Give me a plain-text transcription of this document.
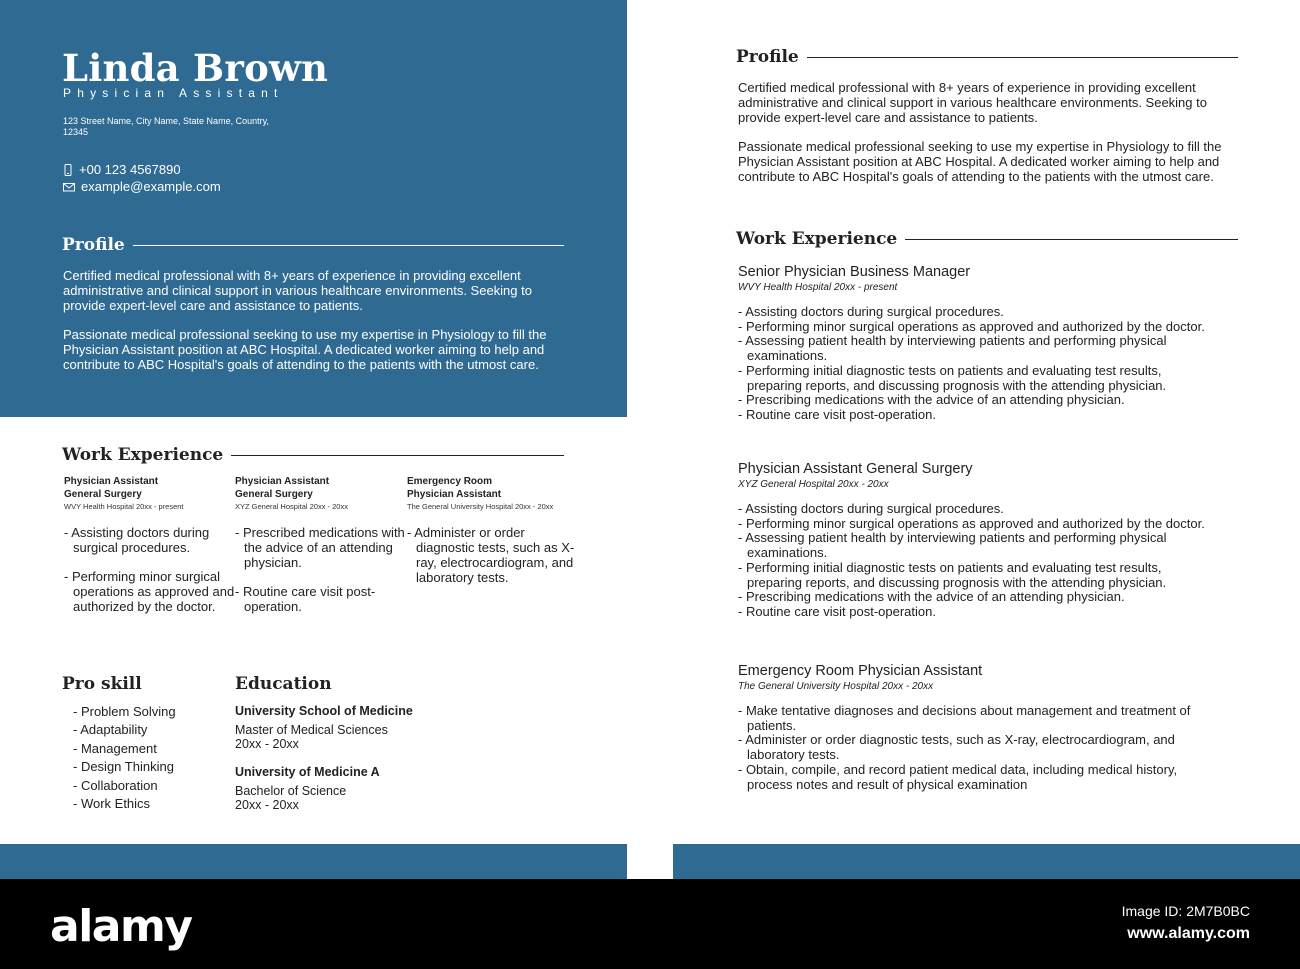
Linda Brown
Physician Assistant
123 Street Name, City Name, State Name, Country, 12345
+00 123 4567890
example@example.com
Profile
Certified medical professional with 8+ years of experience in providing excellent administrative and clinical support in various healthcare environments. Seeking to provide expert-level care and assistance to patients.
Passionate medical professional seeking to use my expertise in Physiology to fill the Physician Assistant position at ABC Hospital. A dedicated worker aiming to help and contribute to ABC Hospital's goals of attending to the patients with the utmost care.
Work Experience
Physician Assistant
General Surgery
WVY Health Hospital 20xx - present
- Assisting doctors during surgical procedures.
- Performing minor surgical operations as approved and authorized by the doctor.
Physician Assistant
General Surgery
XYZ General Hospital 20xx - 20xx
- Prescribed medications with the advice of an attending physician.
- Routine care visit post-operation.
Emergency Room
Physician Assistant
The General University Hospital 20xx - 20xx
- Administer or order diagnostic tests, such as X-ray, electrocardiogram, and laboratory tests.
Pro skill
- Problem Solving
- Adaptability
- Management
- Design Thinking
- Collaboration
- Work Ethics
Education
University School of Medicine
Master of Medical Sciences
20xx - 20xx
University of Medicine A
Bachelor of Science
20xx - 20xx
Profile
Certified medical professional with 8+ years of experience in providing excellent administrative and clinical support in various healthcare environments. Seeking to provide expert-level care and assistance to patients.
Passionate medical professional seeking to use my expertise in Physiology to fill the Physician Assistant position at ABC Hospital. A dedicated worker aiming to help and contribute to ABC Hospital's goals of attending to the patients with the utmost care.
Work Experience
Senior Physician Business Manager
WVY Health Hospital 20xx - present
- Assisting doctors during surgical procedures.
- Performing minor surgical operations as approved and authorized by the doctor.
- Assessing patient health by interviewing patients and performing physical examinations.
- Performing initial diagnostic tests on patients and evaluating test results, preparing reports, and discussing prognosis with the attending physician.
- Prescribing medications with the advice of an attending physician.
- Routine care visit post-operation.
Physician Assistant General Surgery
XYZ General Hospital 20xx - 20xx
- Assisting doctors during surgical procedures.
- Performing minor surgical operations as approved and authorized by the doctor.
- Assessing patient health by interviewing patients and performing physical examinations.
- Performing initial diagnostic tests on patients and evaluating test results, preparing reports, and discussing prognosis with the attending physician.
- Prescribing medications with the advice of an attending physician.
- Routine care visit post-operation.
Emergency Room Physician Assistant
The General University Hospital 20xx - 20xx
- Make tentative diagnoses and decisions about management and treatment of patients.
- Administer or order diagnostic tests, such as X-ray, electrocardiogram, and laboratory tests.
- Obtain, compile, and record patient medical data, including medical history, process notes and result of physical examination
alamy	Image ID: 2M7B0BC
www.alamy.com
